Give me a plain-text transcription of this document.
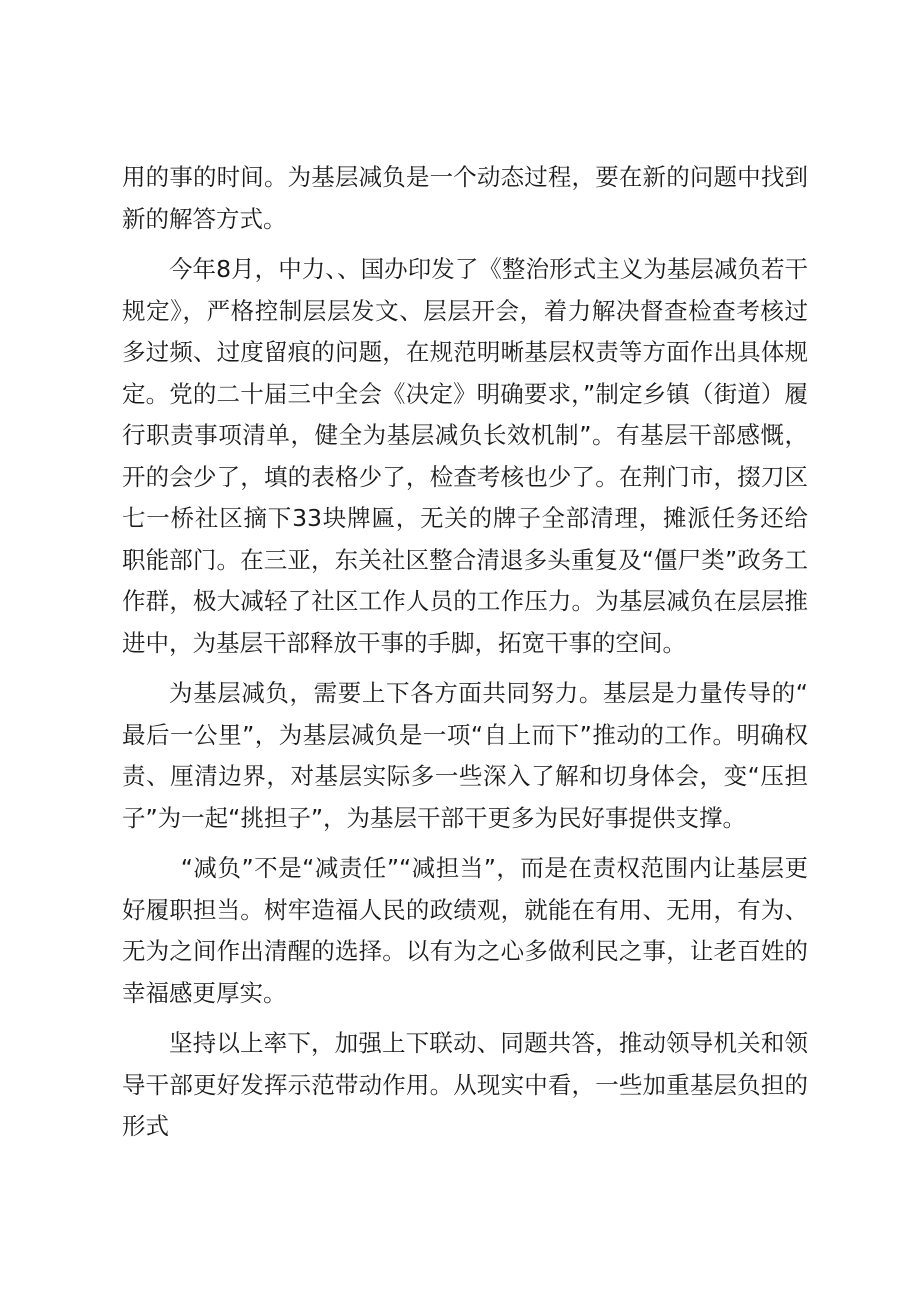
用的事的时间。为基层减负是一个动态过程，要在新的问题中找到新的解答方式。

今年8月，中力、、国办印发了《整治形式主义为基层减负若干规定》，严格控制层层发文、层层开会，着力解决督查检查考核过多过频、过度留痕的问题，在规范明晰基层权责等方面作出具体规定。党的二十届三中全会《决定》明确要求，”制定乡镇（街道）履行职责事项清单，健全为基层减负长效机制”。有基层干部感慨，开的会少了，填的表格少了，检查考核也少了。在荆门市，掇刀区七一桥社区摘下33块牌匾，无关的牌子全部清理，摊派任务还给职能部门。在三亚，东关社区整合清退多头重复及“僵尸类”政务工作群，极大减轻了社区工作人员的工作压力。为基层减负在层层推进中，为基层干部释放干事的手脚，拓宽干事的空间。

为基层减负，需要上下各方面共同努力。基层是力量传导的“最后一公里”，为基层减负是一项“自上而下”推动的工作。明确权责、厘清边界，对基层实际多一些深入了解和切身体会，变“压担子”为一起“挑担子”，为基层干部干更多为民好事提供支撑。

“减负”不是“减责任”“减担当”，而是在责权范围内让基层更好履职担当。树牢造福人民的政绩观，就能在有用、无用，有为、无为之间作出清醒的选择。以有为之心多做利民之事，让老百姓的幸福感更厚实。

坚持以上率下，加强上下联动、同题共答，推动领导机关和领导干部更好发挥示范带动作用。从现实中看，一些加重基层负担的形式
